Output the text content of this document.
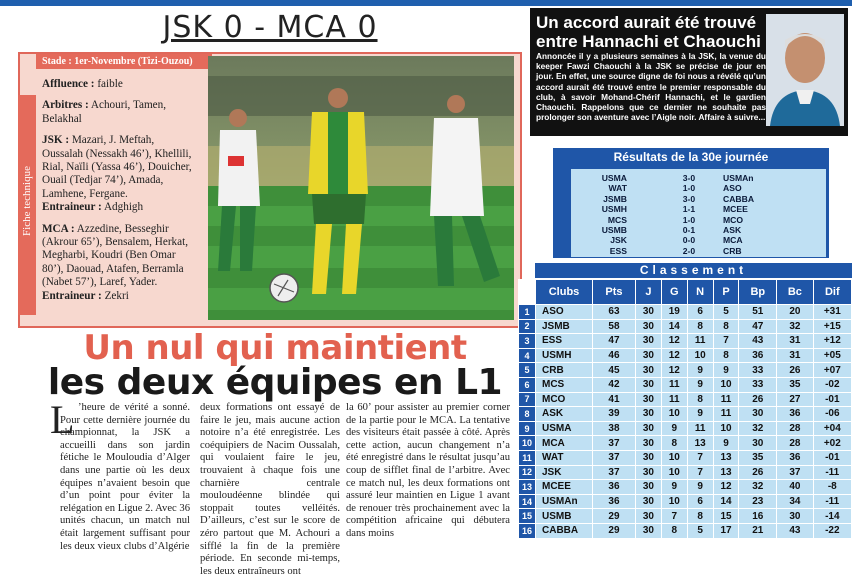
JSK 0 - MCA 0
Fiche technique
Stade : 1er-Novembre (Tizi-Ouzou)

Affluence : faible

Arbitres : Achouri, Tamen, Belakhal

JSK : Mazari, J. Meftah, Oussalah (Nessakh 46’), Khellili, Rial, Naïli (Yassa 46’), Douicher, Ouail (Tedjar 74’), Amada, Lamhene, Fergane.

Entraineur : Adghigh

MCA : Azzedine, Besseghir (Akrour 65’), Bensalem, Herkat, Megharbi, Koudri (Ben Omar 80’), Daouad, Atafen, Berramla (Nabet 57’), Laref, Yader.

Entraineur : Zekri

Un accord aurait été trouvé entre Hannachi et Chaouchi
Annoncée il y a plusieurs semaines à la JSK, la venue du keeper Fawzi Chaouchi à la JSK se précise de jour en jour. En effet, une source digne de foi nous a révélé qu’un accord aurait été trouvé entre le premier responsable du club, à savoir Mohand-Chérif Hannachi, et le gardien Chaouchi. Rappelons que ce dernier ne souhaite pas prolonger son aventure avec l’Aigle noir. Affaire à suivre...
Résultats de la 30e journée
USMA	3-0	USMAn
WAT	1-0	ASO
JSMB	3-0	CABBA
USMH	1-1	MCEE
MCS	1-0	MCO
USMB	0-1	ASK
JSK	0-0	MCA
ESS	2-0	CRB
Classement
	Clubs	Pts	J	G	N	P	Bp	Bc	Dif
1	ASO	63	30	19	6	5	51	20	+31
2	JSMB	58	30	14	8	8	47	32	+15
3	ESS	47	30	12	11	7	43	31	+12
4	USMH	46	30	12	10	8	36	31	+05
5	CRB	45	30	12	9	9	33	26	+07
6	MCS	42	30	11	9	10	33	35	-02
7	MCO	41	30	11	8	11	26	27	-01
8	ASK	39	30	10	9	11	30	36	-06
9	USMA	38	30	9	11	10	32	28	+04
10	MCA	37	30	8	13	9	30	28	+02
11	WAT	37	30	10	7	13	35	36	-01
12	JSK	37	30	10	7	13	26	37	-11
13	MCEE	36	30	9	9	12	32	40	-8
14	USMAn	36	30	10	6	14	23	34	-11
15	USMB	29	30	7	8	15	16	30	-14
16	CABBA	29	30	8	5	17	21	43	-22
Un nul qui maintient
les deux équipes en L1
L ’heure de vérité a sonné. Pour cette dernière journée du championnat, la JSK a accueilli dans son jardin fétiche le Mouloudia d’Alger dans une partie où les deux équipes n’avaient besoin que d’un point pour éviter la relégation en Ligue 2. Avec 36 unités chacun, un match nul était largement suffisant pour les deux vieux clubs d’Algérie
deux formations ont essayé de faire le jeu, mais aucune action notoire n’a été enregistrée. Les coéquipiers de Nacim Oussalah, qui voulaient faire le jeu, trouvaient à chaque fois une charnière centrale mouloudéenne blindée qui stoppait toutes velléités. D’ailleurs, c’est sur le score de zéro partout que M. Achouri a sifflé la fin de la première période. En seconde mi-temps, les deux entraîneurs ont
la 60’ pour assister au premier corner de la partie pour le MCA. La tentative des visiteurs était passée à côté. Après cette action, aucun changement n’a été enregistré dans le résultat jusqu’au coup de sifflet final de l’arbitre. Avec ce match nul, les deux formations ont assuré leur maintien en Ligue 1 avant de renouer très prochainement avec la compétition africaine qui débutera dans moins
